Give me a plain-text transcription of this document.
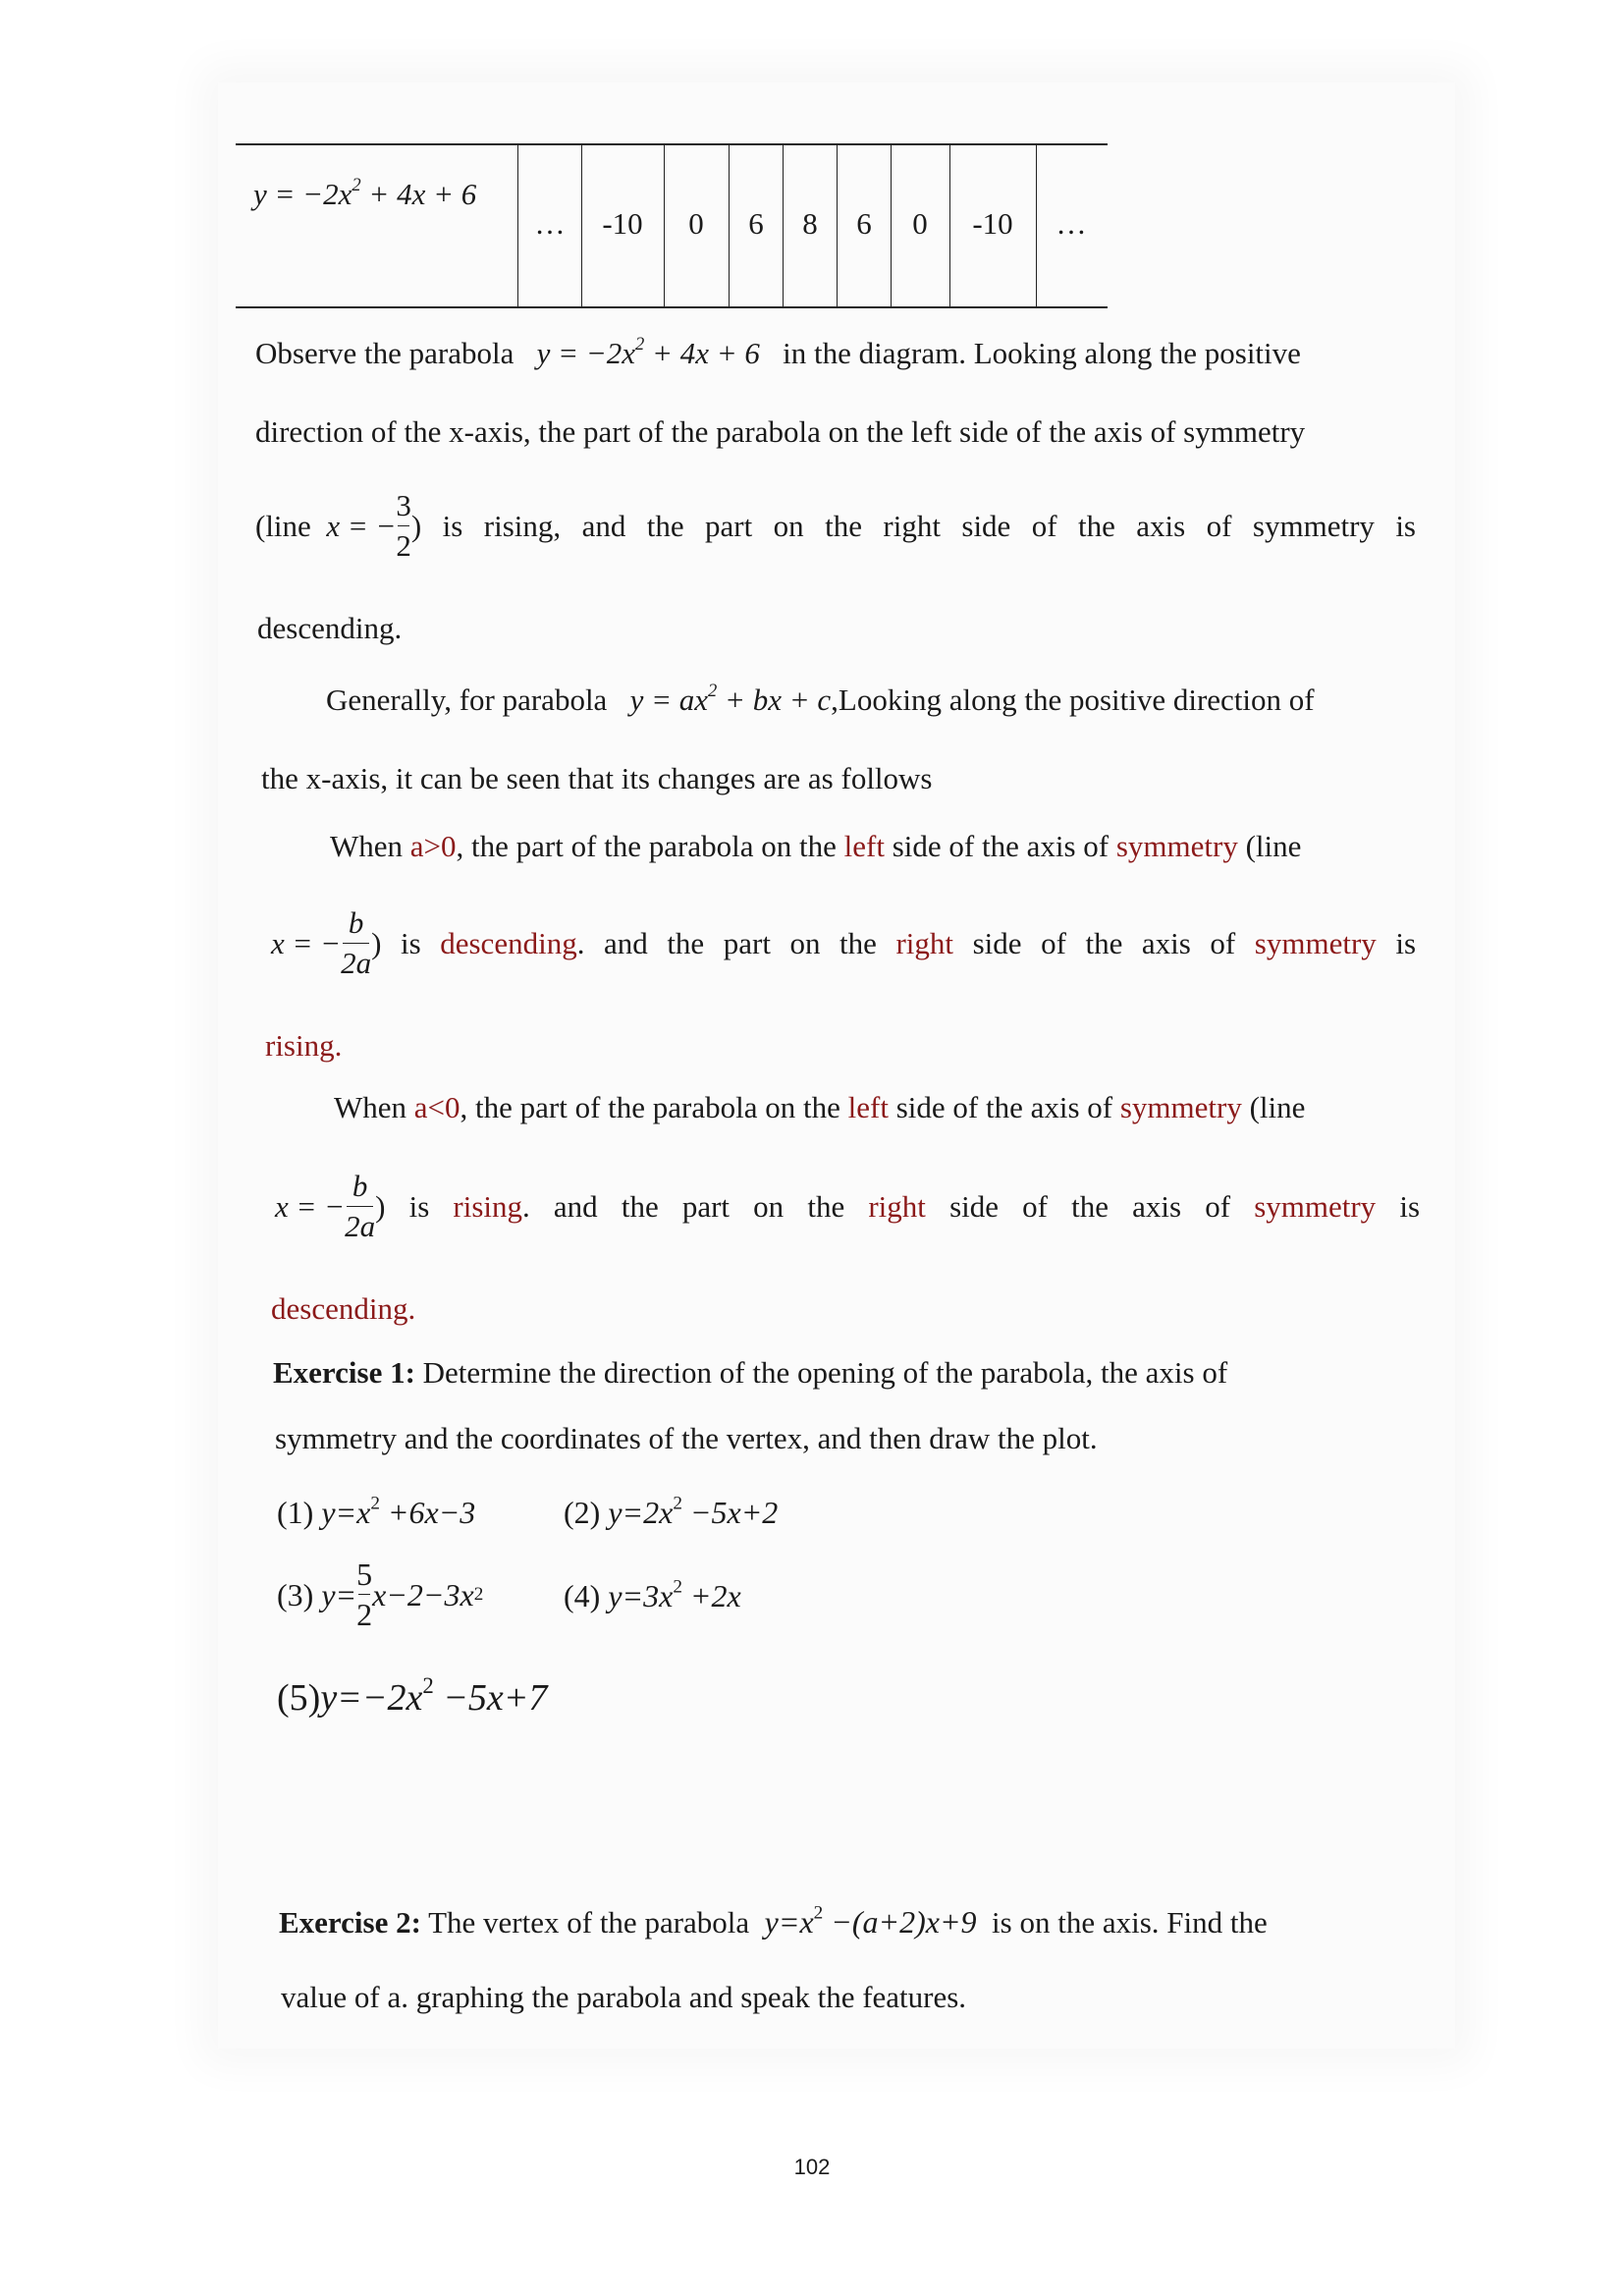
$y = -2x^2 + 4x + 6$
… -10 0 6 8 6 0 -10 …
Observe the parabola $y = -2x^2 + 4x + 6$ in the diagram. Looking along the positive
direction of the x-axis, the part of the parabola on the left side of the axis of symmetry
(line
x = − $\frac{3}{2}$ ) is rising, and the part on the right side of the axis of symmetry is
descending.
Generally, for parabola $y = ax^2$ + bx + c,Looking along the positive direction of
the x-axis, it can be seen that its changes are as follows
When a>0, the part of the parabola on the left side of the axis of symmetry (line
x = − $\frac{b}{2a}$ ) is descending. and the part on the right side of the axis of symmetry is
rising.
When a<0, the part of the parabola on the left side of the axis of symmetry (line
x = − $\frac{b}{2a}$ ) is rising. and the part on the right side of the axis of symmetry is
descending.
Exercise 1: Determine the direction of the opening of the parabola, the axis of
symmetry and the coordinates of the vertex, and then draw the plot.
(1) $y=x^2 +6x-3$	(2) $y=2x^2 -5x+2$
(3)
$y= \frac{5}{2} x-2-3x$ 2	(4) $y=3x^2 +2x$
$(5)y=-2x^2 -5x+7$
Exercise 2: The vertex of the parabola $y=x^2 -(a+2)x+9$ is on the axis. Find the
value of a. graphing the parabola and speak the features.
102
